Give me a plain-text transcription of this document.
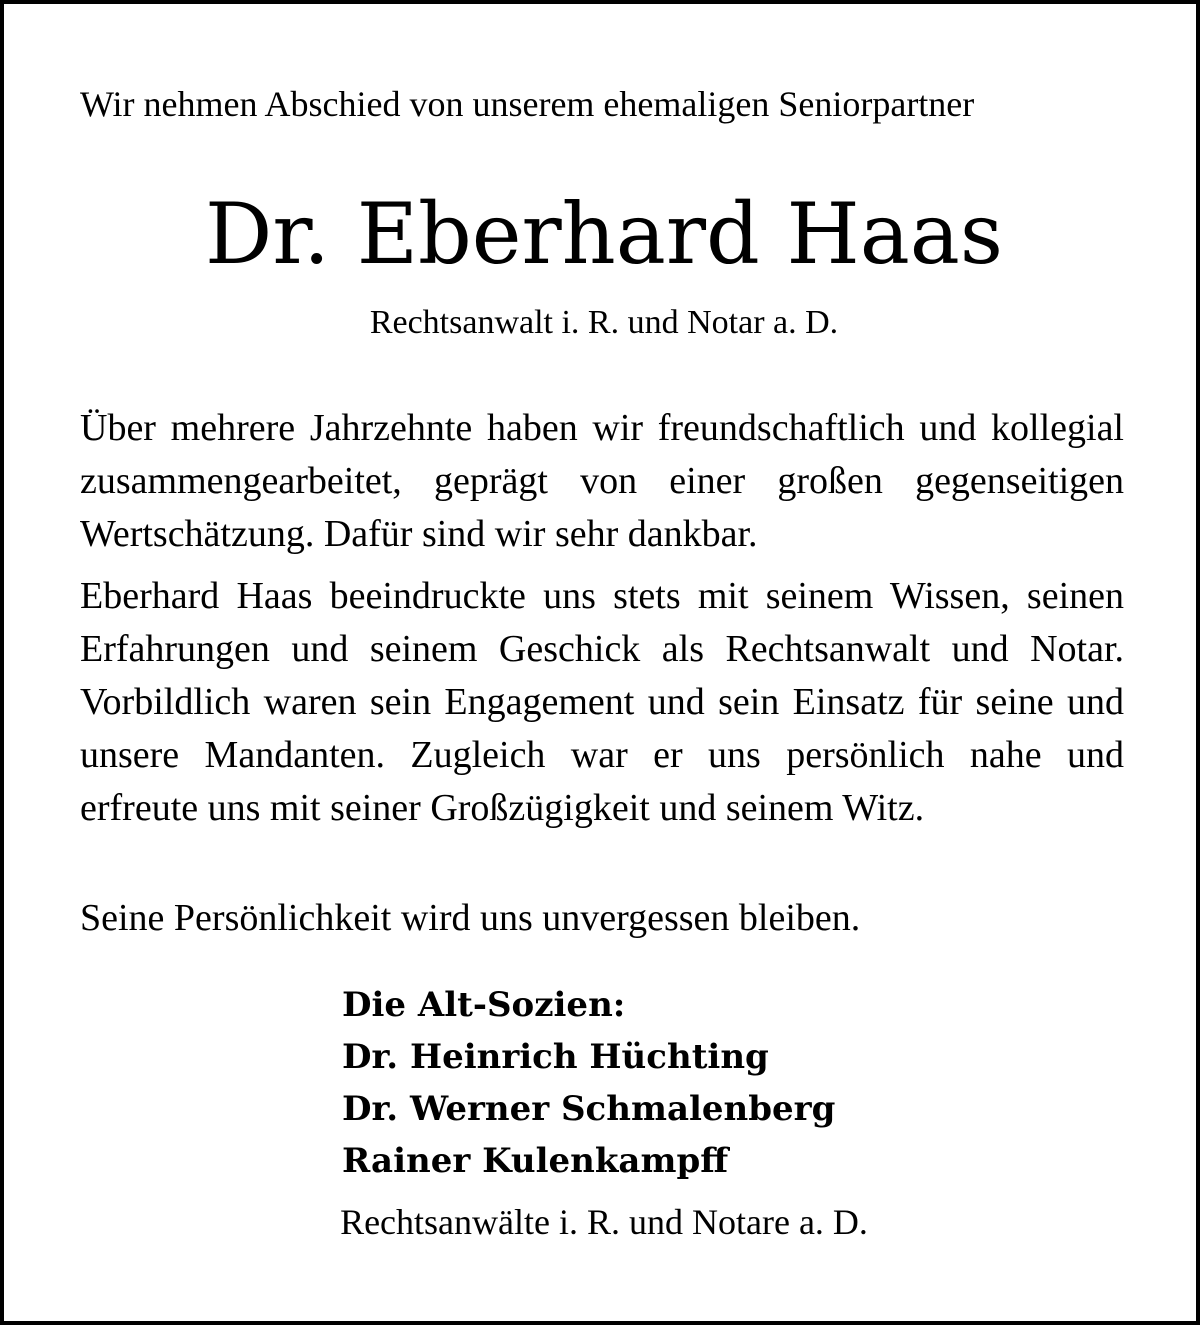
Wir nehmen Abschied von unserem ehemaligen Seniorpartner
Dr. Eberhard Haas
Rechtsanwalt i. R. und Notar a. D.

Über mehrere Jahrzehnte haben wir freundschaftlich und kollegial zusammengearbeitet, geprägt von einer großen gegenseitigen Wertschätzung. Dafür sind wir sehr dankbar.

Eberhard Haas beeindruckte uns stets mit seinem Wissen, seinen Erfahrungen und seinem Geschick als Rechtsanwalt und Notar. Vorbildlich waren sein Engagement und sein Einsatz für seine und unsere Mandanten. Zugleich war er uns persönlich nahe und erfreute uns mit seiner Großzügigkeit und seinem Witz.

Seine Persönlichkeit wird uns unvergessen bleiben.

Die Alt-Sozien:
Dr. Heinrich Hüchting
Dr. Werner Schmalenberg
Rainer Kulenkampff
Rechtsanwälte i. R. und Notare a. D.
